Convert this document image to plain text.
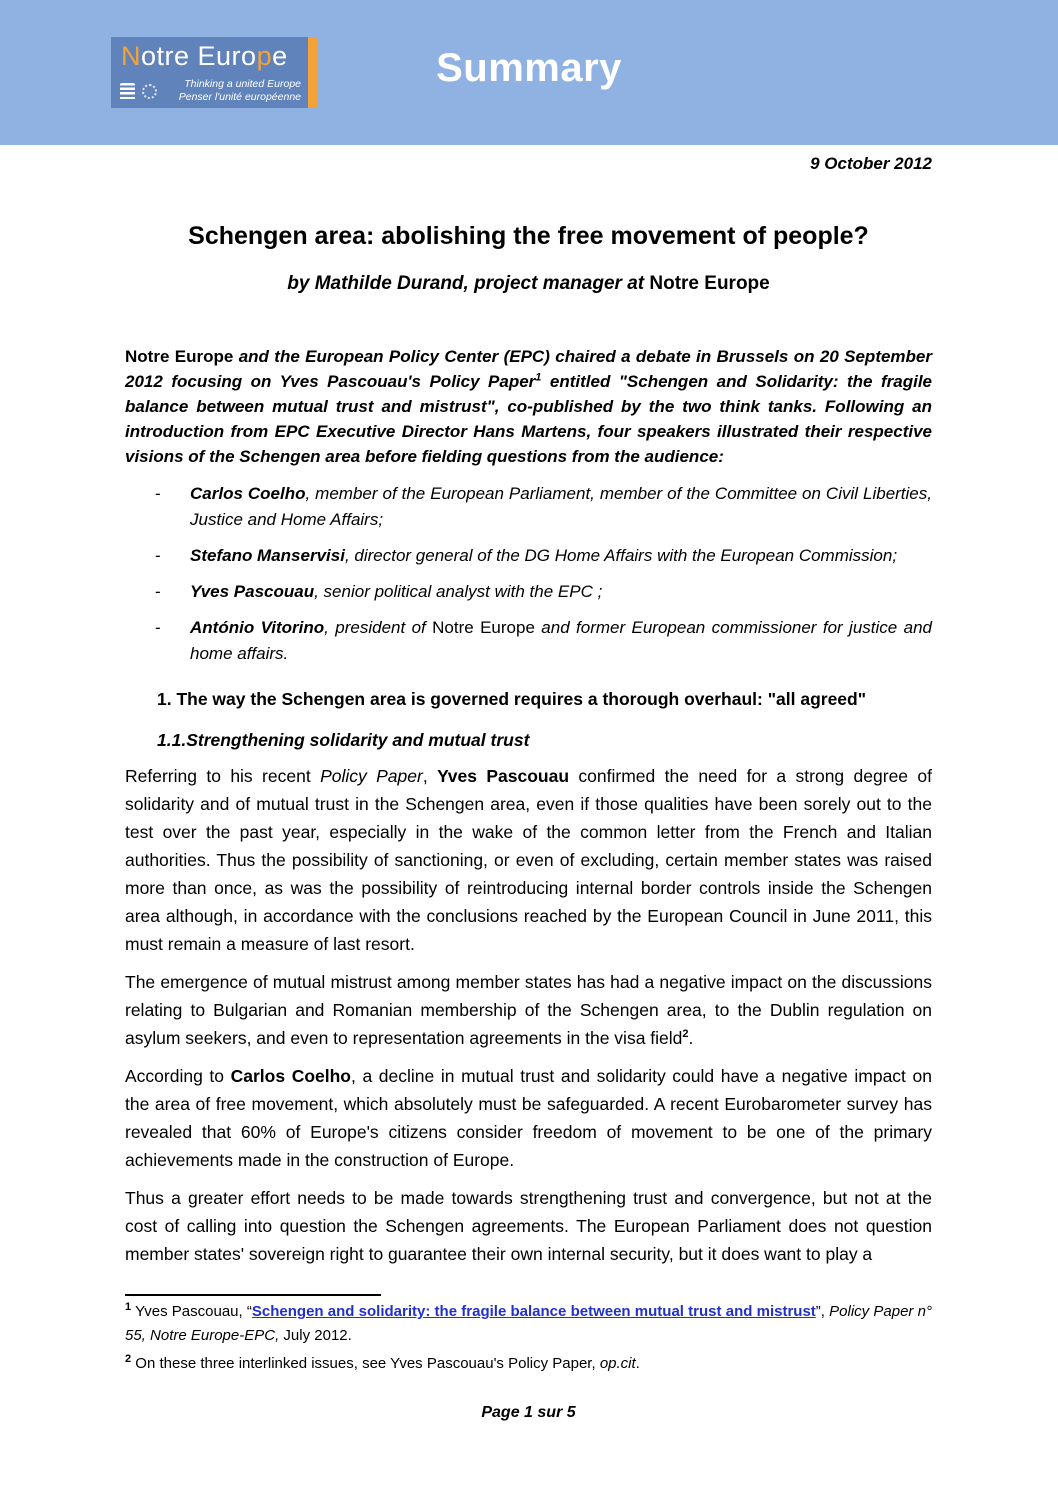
Notre Europe
Thinking a united Europe
Penser l'unité européenne
Summary
9 October 2012
Schengen area: abolishing the free movement of people?
by Mathilde Durand, project manager at Notre Europe
Notre Europe and the European Policy Center (EPC) chaired a debate in Brussels on 20 September 2012 focusing on Yves Pascouau's Policy Paper$^1$ entitled "Schengen and Solidarity: the fragile balance between mutual trust and mistrust", co-published by the two think tanks. Following an introduction from EPC Executive Director Hans Martens, four speakers illustrated their respective visions of the Schengen area before fielding questions from the audience:
-	Carlos Coelho, member of the European Parliament, member of the Committee on Civil Liberties, Justice and Home Affairs;
-	Stefano Manservisi, director general of the DG Home Affairs with the European Commission;
-	Yves Pascouau, senior political analyst with the EPC ;
-	António Vitorino, president of Notre Europe and former European commissioner for justice and home affairs.
1. The way the Schengen area is governed requires a thorough overhaul: "all agreed"
1.1.Strengthening solidarity and mutual trust
Referring to his recent Policy Paper, Yves Pascouau confirmed the need for a strong degree of solidarity and of mutual trust in the Schengen area, even if those qualities have been sorely out to the test over the past year, especially in the wake of the common letter from the French and Italian authorities. Thus the possibility of sanctioning, or even of excluding, certain member states was raised more than once, as was the possibility of reintroducing internal border controls inside the Schengen area although, in accordance with the conclusions reached by the European Council in June 2011, this must remain a measure of last resort.
The emergence of mutual mistrust among member states has had a negative impact on the discussions relating to Bulgarian and Romanian membership of the Schengen area, to the Dublin regulation on asylum seekers, and even to representation agreements in the visa field$^2$.
According to Carlos Coelho, a decline in mutual trust and solidarity could have a negative impact on the area of free movement, which absolutely must be safeguarded. A recent Eurobarometer survey has revealed that 60% of Europe's citizens consider freedom of movement to be one of the primary achievements made in the construction of Europe.
Thus a greater effort needs to be made towards strengthening trust and convergence, but not at the cost of calling into question the Schengen agreements. The European Parliament does not question member states' sovereign right to guarantee their own internal security, but it does want to play a
$^1$ Yves Pascouau, “Schengen and solidarity: the fragile balance between mutual trust and mistrust”, Policy Paper n° 55, Notre Europe-EPC, July 2012.
$^2$ On these three interlinked issues, see Yves Pascouau's Policy Paper, op.cit.
Page 1 sur 5
